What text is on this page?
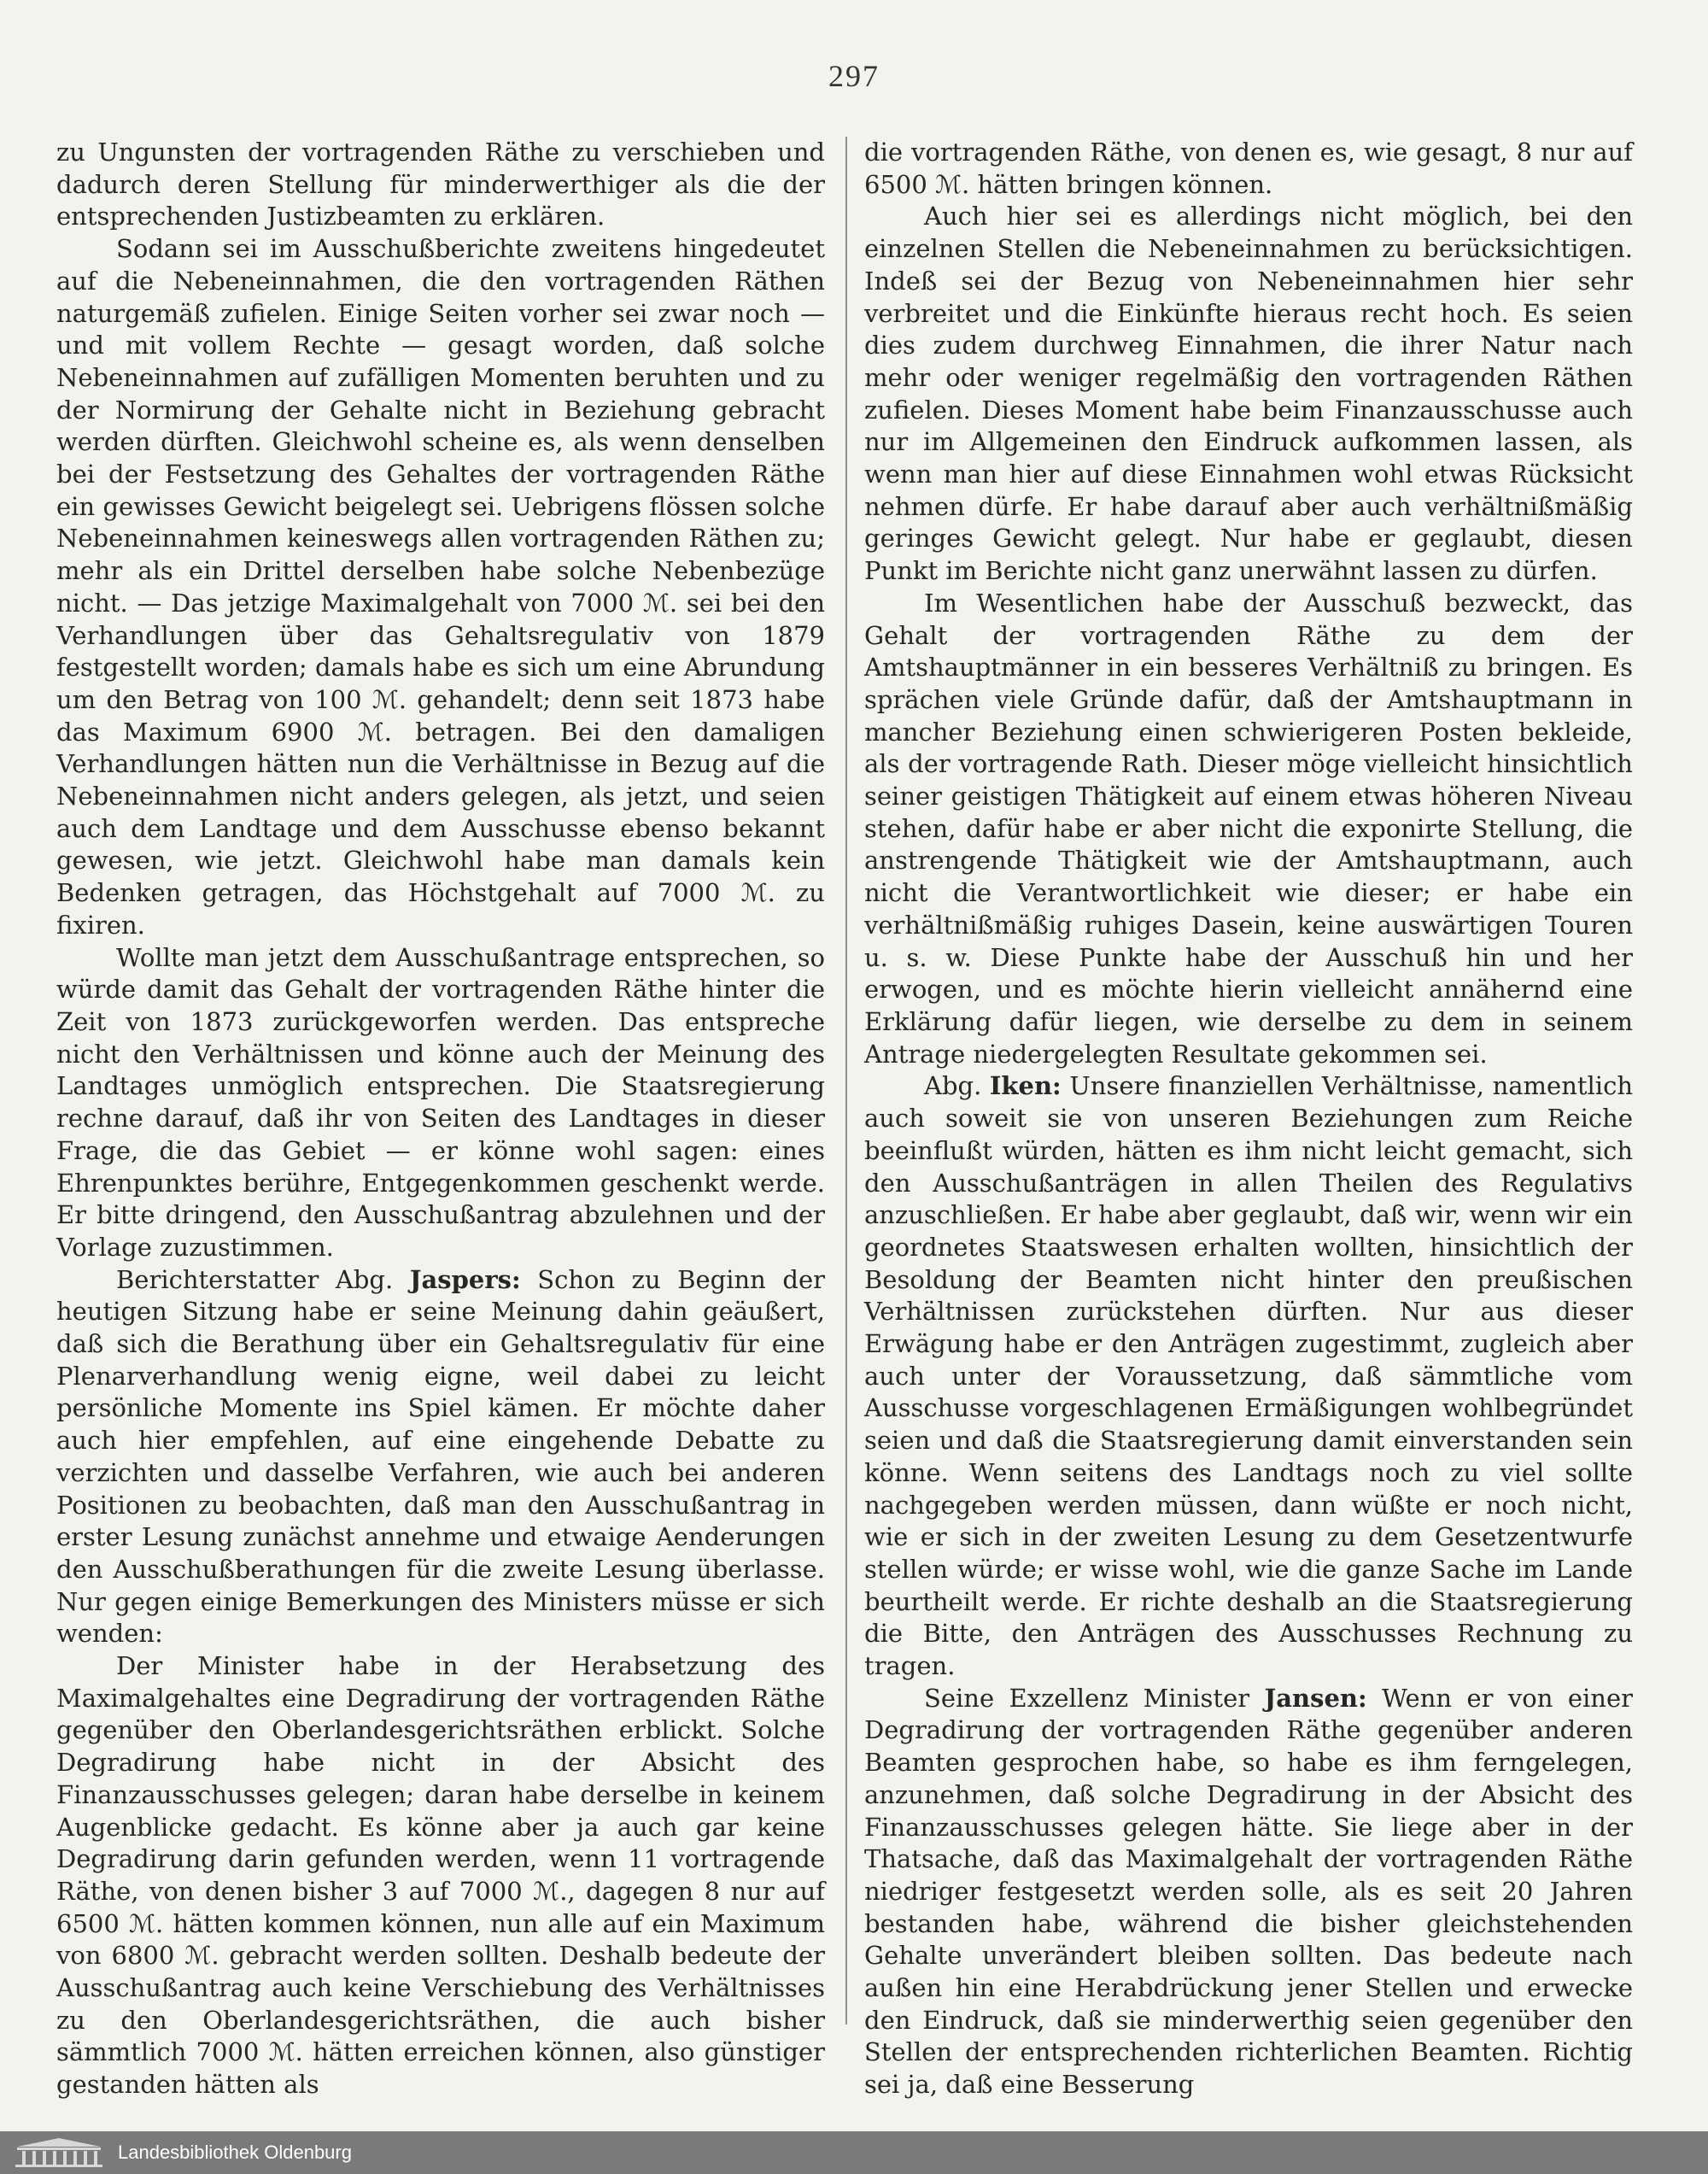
297

zu Ungunsten der vortragenden Räthe zu verschieben und dadurch deren Stellung für minderwerthiger als die der entsprechenden Justizbeamten zu erklären.

Sodann sei im Ausschußberichte zweitens hingedeutet auf die Nebeneinnahmen, die den vortragenden Räthen naturgemäß zufielen. Einige Seiten vorher sei zwar noch — und mit vollem Rechte — gesagt worden, daß solche Nebeneinnahmen auf zufälligen Momenten beruhten und zu der Normirung der Gehalte nicht in Beziehung gebracht werden dürften. Gleichwohl scheine es, als wenn denselben bei der Festsetzung des Gehaltes der vortragenden Räthe ein gewisses Gewicht beigelegt sei. Uebrigens flössen solche Nebeneinnahmen keineswegs allen vortragenden Räthen zu; mehr als ein Drittel derselben habe solche Nebenbezüge nicht. — Das jetzige Maximalgehalt von 7000 ℳ. sei bei den Verhandlungen über das Gehaltsregulativ von 1879 festgestellt worden; damals habe es sich um eine Abrundung um den Betrag von 100 ℳ. gehandelt; denn seit 1873 habe das Maximum 6900 ℳ. betragen. Bei den damaligen Verhandlungen hätten nun die Verhältnisse in Bezug auf die Nebeneinnahmen nicht anders gelegen, als jetzt, und seien auch dem Landtage und dem Ausschusse ebenso bekannt gewesen, wie jetzt. Gleichwohl habe man damals kein Bedenken getragen, das Höchstgehalt auf 7000 ℳ. zu fixiren.

Wollte man jetzt dem Ausschußantrage entsprechen, so würde damit das Gehalt der vortragenden Räthe hinter die Zeit von 1873 zurückgeworfen werden. Das entspreche nicht den Verhältnissen und könne auch der Meinung des Landtages unmöglich entsprechen. Die Staatsregierung rechne darauf, daß ihr von Seiten des Landtages in dieser Frage, die das Gebiet — er könne wohl sagen: eines Ehrenpunktes berühre, Entgegenkommen geschenkt werde. Er bitte dringend, den Ausschußantrag abzulehnen und der Vorlage zuzustimmen.

Berichterstatter Abg. Jaspers: Schon zu Beginn der heutigen Sitzung habe er seine Meinung dahin geäußert, daß sich die Berathung über ein Gehaltsregulativ für eine Plenarverhandlung wenig eigne, weil dabei zu leicht persönliche Momente ins Spiel kämen. Er möchte daher auch hier empfehlen, auf eine eingehende Debatte zu verzichten und dasselbe Verfahren, wie auch bei anderen Positionen zu beobachten, daß man den Ausschußantrag in erster Lesung zunächst annehme und etwaige Aenderungen den Ausschußberathungen für die zweite Lesung überlasse. Nur gegen einige Bemerkungen des Ministers müsse er sich wenden:

Der Minister habe in der Herabsetzung des Maximalgehaltes eine Degradirung der vortragenden Räthe gegenüber den Oberlandesgerichtsräthen erblickt. Solche Degradirung habe nicht in der Absicht des Finanzausschusses gelegen; daran habe derselbe in keinem Augenblicke gedacht. Es könne aber ja auch gar keine Degradirung darin gefunden werden, wenn 11 vortragende Räthe, von denen bisher 3 auf 7000 ℳ., dagegen 8 nur auf 6500 ℳ. hätten kommen können, nun alle auf ein Maximum von 6800 ℳ. gebracht werden sollten. Deshalb bedeute der Ausschußantrag auch keine Verschiebung des Verhältnisses zu den Oberlandesgerichtsräthen, die auch bisher sämmtlich 7000 ℳ. hätten erreichen können, also günstiger gestanden hätten als

die vortragenden Räthe, von denen es, wie gesagt, 8 nur auf 6500 ℳ. hätten bringen können.

Auch hier sei es allerdings nicht möglich, bei den einzelnen Stellen die Nebeneinnahmen zu berücksichtigen. Indeß sei der Bezug von Nebeneinnahmen hier sehr verbreitet und die Einkünfte hieraus recht hoch. Es seien dies zudem durchweg Einnahmen, die ihrer Natur nach mehr oder weniger regelmäßig den vortragenden Räthen zufielen. Dieses Moment habe beim Finanzausschusse auch nur im Allgemeinen den Eindruck aufkommen lassen, als wenn man hier auf diese Einnahmen wohl etwas Rücksicht nehmen dürfe. Er habe darauf aber auch verhältnißmäßig geringes Gewicht gelegt. Nur habe er geglaubt, diesen Punkt im Berichte nicht ganz unerwähnt lassen zu dürfen.

Im Wesentlichen habe der Ausschuß bezweckt, das Gehalt der vortragenden Räthe zu dem der Amtshauptmänner in ein besseres Verhältniß zu bringen. Es sprächen viele Gründe dafür, daß der Amtshauptmann in mancher Beziehung einen schwierigeren Posten bekleide, als der vortragende Rath. Dieser möge vielleicht hinsichtlich seiner geistigen Thätigkeit auf einem etwas höheren Niveau stehen, dafür habe er aber nicht die exponirte Stellung, die anstrengende Thätigkeit wie der Amtshauptmann, auch nicht die Verantwortlichkeit wie dieser; er habe ein verhältnißmäßig ruhiges Dasein, keine auswärtigen Touren u. s. w. Diese Punkte habe der Ausschuß hin und her erwogen, und es möchte hierin vielleicht annähernd eine Erklärung dafür liegen, wie derselbe zu dem in seinem Antrage niedergelegten Resultate gekommen sei.

Abg. Iken: Unsere finanziellen Verhältnisse, namentlich auch soweit sie von unseren Beziehungen zum Reiche beeinflußt würden, hätten es ihm nicht leicht gemacht, sich den Ausschußanträgen in allen Theilen des Regulativs anzuschließen. Er habe aber geglaubt, daß wir, wenn wir ein geordnetes Staatswesen erhalten wollten, hinsichtlich der Besoldung der Beamten nicht hinter den preußischen Verhältnissen zurückstehen dürften. Nur aus dieser Erwägung habe er den Anträgen zugestimmt, zugleich aber auch unter der Voraussetzung, daß sämmtliche vom Ausschusse vorgeschlagenen Ermäßigungen wohlbegründet seien und daß die Staatsregierung damit einverstanden sein könne. Wenn seitens des Landtags noch zu viel sollte nachgegeben werden müssen, dann wüßte er noch nicht, wie er sich in der zweiten Lesung zu dem Gesetzentwurfe stellen würde; er wisse wohl, wie die ganze Sache im Lande beurtheilt werde. Er richte deshalb an die Staatsregierung die Bitte, den Anträgen des Ausschusses Rechnung zu tragen.

Seine Exzellenz Minister Jansen: Wenn er von einer Degradirung der vortragenden Räthe gegenüber anderen Beamten gesprochen habe, so habe es ihm ferngelegen, anzunehmen, daß solche Degradirung in der Absicht des Finanzausschusses gelegen hätte. Sie liege aber in der Thatsache, daß das Maximalgehalt der vortragenden Räthe niedriger festgesetzt werden solle, als es seit 20 Jahren bestanden habe, während die bisher gleichstehenden Gehalte unverändert bleiben sollten. Das bedeute nach außen hin eine Herabdrückung jener Stellen und erwecke den Eindruck, daß sie minderwerthig seien gegenüber den Stellen der entsprechenden richterlichen Beamten. Richtig sei ja, daß eine Besserung

Landesbibliothek Oldenburg
